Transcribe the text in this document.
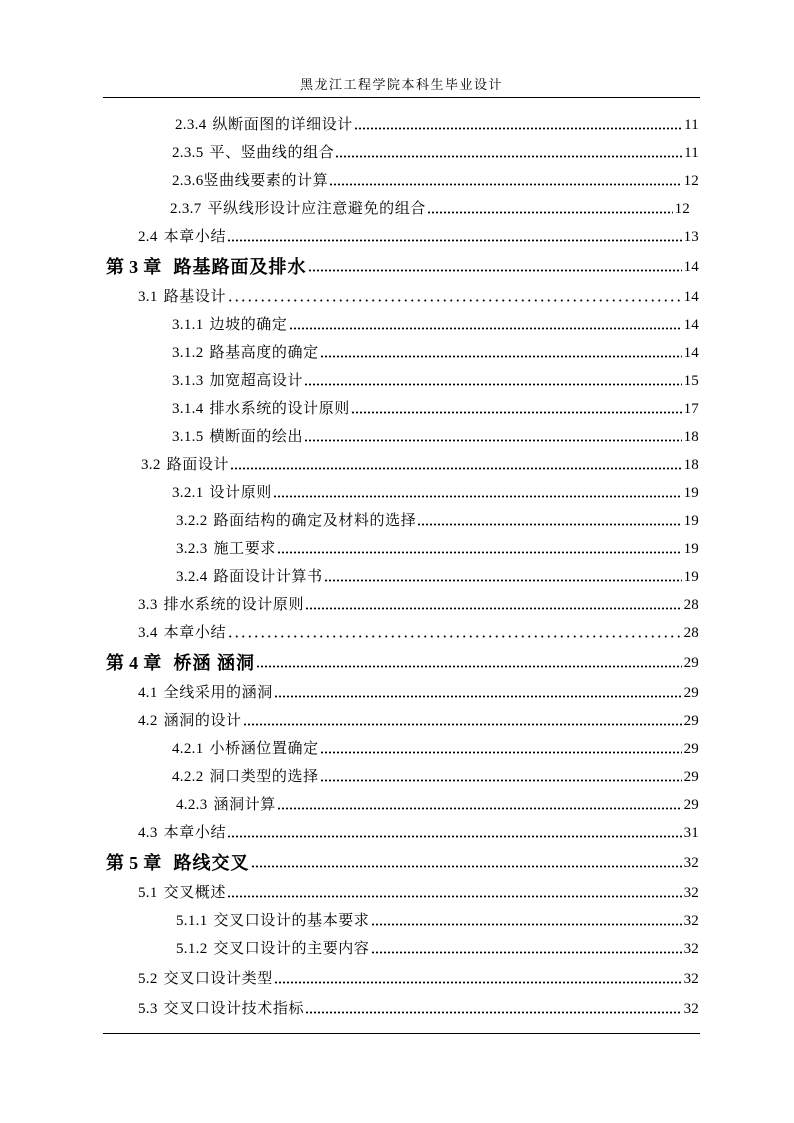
黑龙江工程学院本科生毕业设计
2.3.4 纵断面图的详细设计	11
2.3.5 平、竖曲线的组合	11
2.3.6 竖曲线要素的计算	12
2.3.7 平纵线形设计应注意避免的组合	12
2.4 本章小结	13
第 3 章 路基路面及排水	14
3.1 路基设计	14
3.1.1 边坡的确定	14
3.1.2 路基高度的确定	14
3.1.3 加宽超高设计	15
3.1.4 排水系统的设计原则	17
3.1.5 横断面的绘出	18
3.2 路面设计	18
3.2.1 设计原则	19
3.2.2 路面结构的确定及材料的选择	19
3.2.3 施工要求	19
3.2.4 路面设计计算书	19
3.3 排水系统的设计原则	28
3.4 本章小结	28
第 4 章 桥涵 涵洞	29
4.1 全线采用的涵洞	29
4.2 涵洞的设计	29
4.2.1 小桥涵位置确定	29
4.2.2 洞口类型的选择	29
4.2.3 涵洞计算	29
4.3 本章小结	31
第 5 章 路线交叉	32
5.1 交叉概述	32
5.1.1 交叉口设计的基本要求	32
5.1.2 交叉口设计的主要内容	32
5.2 交叉口设计类型	32
5.3 交叉口设计技术指标	32
